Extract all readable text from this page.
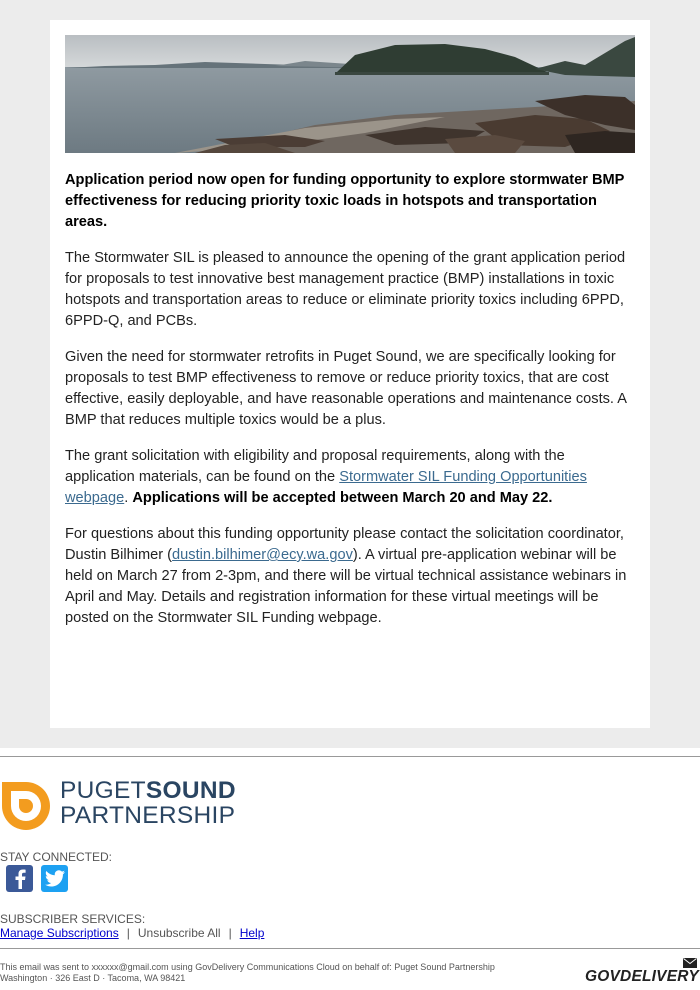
Application period now open for funding opportunity to explore stormwater BMP effectiveness for reducing priority toxic loads in hotspots and transportation areas.

The Stormwater SIL is pleased to announce the opening of the grant application period for proposals to test innovative best management practice (BMP) installations in toxic hotspots and transportation areas to reduce or eliminate priority toxics including 6PPD, 6PPD-Q, and PCBs.

Given the need for stormwater retrofits in Puget Sound, we are specifically looking for proposals to test BMP effectiveness to remove or reduce priority toxics, that are cost effective, easily deployable, and have reasonable operations and maintenance costs. A BMP that reduces multiple toxics would be a plus.

The grant solicitation with eligibility and proposal requirements, along with the application materials, can be found on the Stormwater SIL Funding Opportunities webpage. Applications will be accepted between March 20 and May 22.

For questions about this funding opportunity please contact the solicitation coordinator, Dustin Bilhimer (dustin.bilhimer@ecy.wa.gov). A virtual pre-application webinar will be held on March 27 from 2-3pm, and there will be virtual technical assistance webinars in April and May. Details and registration information for these virtual meetings will be posted on the Stormwater SIL Funding webpage.

PUGETSOUND
PARTNERSHIP
STAY CONNECTED:
SUBSCRIBER SERVICES:
Manage Subscriptions | Unsubscribe All | Help
This email was sent to xxxxxx@gmail.com using GovDelivery Communications Cloud on behalf of: Puget Sound Partnership
Washington · 326 East D · Tacoma, WA 98421	GOVDELIVERY
